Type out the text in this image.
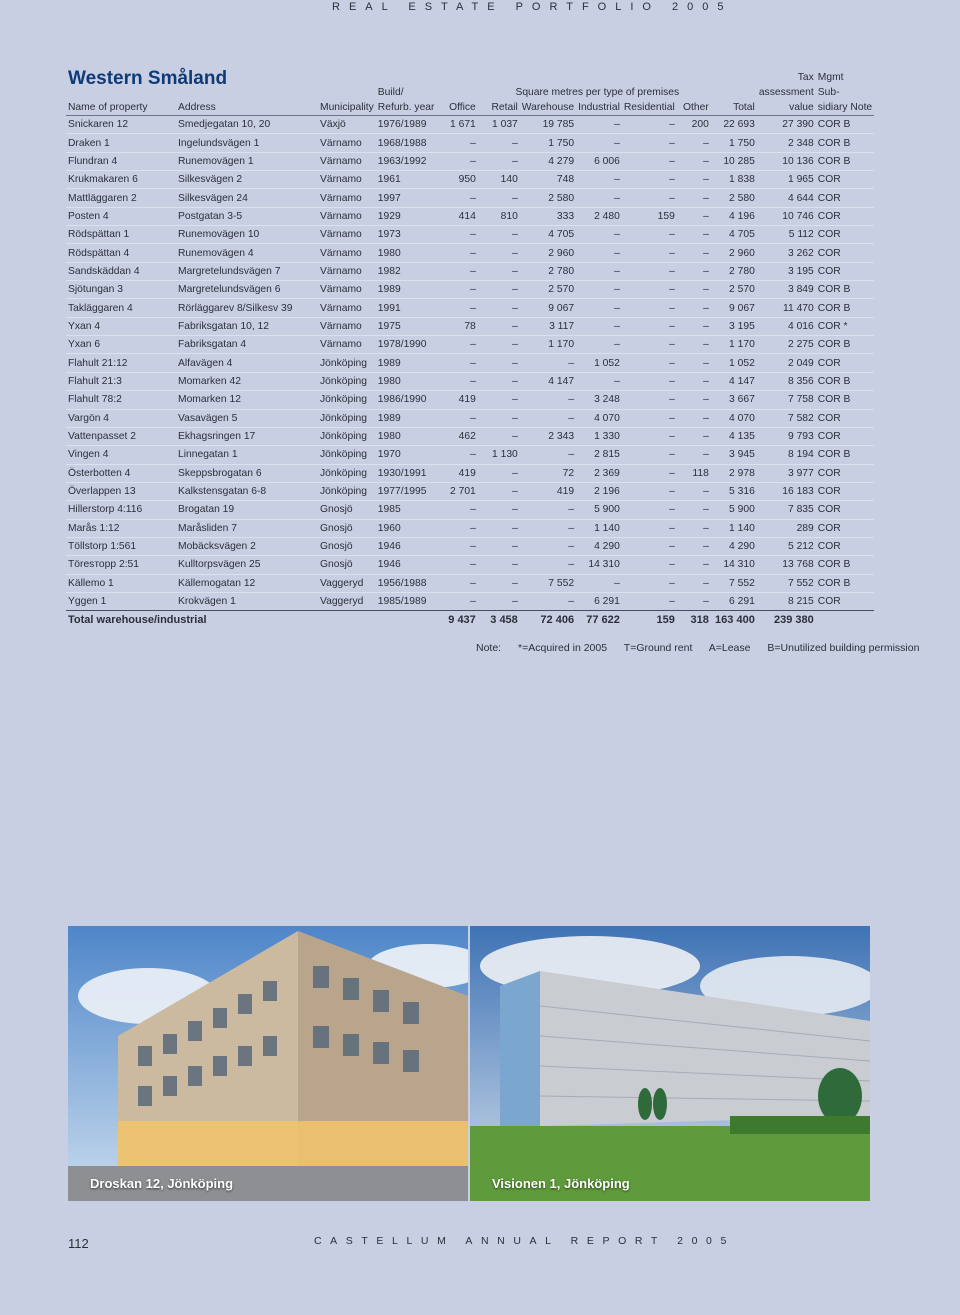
REAL ESTATE PORTFOLIO 2005
Western Småland
												Tax	Mgmt
			Build/	Square metres per type of premises							assessment	Sub-
Name of property	Address	Municipality	Refurb. year	Office	Retail	Warehouse	Industrial	Residential	Other	Total	value	sidiary Note
Snickaren 12	Smedjegatan 10, 20	Växjö	1976/1989	1 671	1 037	19 785	–	–	200	22 693	27 390	COR B
Draken 1	Ingelundsvägen 1	Värnamo	1968/1988	–	–	1 750	–	–	–	1 750	2 348	COR B
Flundran 4	Runemovägen 1	Värnamo	1963/1992	–	–	4 279	6 006	–	–	10 285	10 136	COR B
Krukmakaren 6	Silkesvägen 2	Värnamo	1961	950	140	748	–	–	–	1 838	1 965	COR
Mattläggaren 2	Silkesvägen 24	Värnamo	1997	–	–	2 580	–	–	–	2 580	4 644	COR
Posten 4	Postgatan 3-5	Värnamo	1929	414	810	333	2 480	159	–	4 196	10 746	COR
Rödspättan 1	Runemovägen 10	Värnamo	1973	–	–	4 705	–	–	–	4 705	5 112	COR
Rödspättan 4	Runemovägen 4	Värnamo	1980	–	–	2 960	–	–	–	2 960	3 262	COR
Sandskäddan 4	Margretelundsvägen 7	Värnamo	1982	–	–	2 780	–	–	–	2 780	3 195	COR
Sjötungan 3	Margretelundsvägen 6	Värnamo	1989	–	–	2 570	–	–	–	2 570	3 849	COR B
Takläggaren 4	Rörläggarev 8/Silkesv 39	Värnamo	1991	–	–	9 067	–	–	–	9 067	11 470	COR B
Yxan 4	Fabriksgatan 10, 12	Värnamo	1975	78	–	3 117	–	–	–	3 195	4 016	COR *
Yxan 6	Fabriksgatan 4	Värnamo	1978/1990	–	–	1 170	–	–	–	1 170	2 275	COR B
Flahult 21:12	Alfavägen 4	Jönköping	1989	–	–	–	1 052	–	–	1 052	2 049	COR
Flahult 21:3	Momarken 42	Jönköping	1980	–	–	4 147	–	–	–	4 147	8 356	COR B
Flahult 78:2	Momarken 12	Jönköping	1986/1990	419	–	–	3 248	–	–	3 667	7 758	COR B
Vargön 4	Vasavägen 5	Jönköping	1989	–	–	–	4 070	–	–	4 070	7 582	COR
Vattenpasset 2	Ekhagsringen 17	Jönköping	1980	462	–	2 343	1 330	–	–	4 135	9 793	COR
Vingen 4	Linnegatan 1	Jönköping	1970	–	1 130	–	2 815	–	–	3 945	8 194	COR B
Österbotten 4	Skeppsbrogatan 6	Jönköping	1930/1991	419	–	72	2 369	–	118	2 978	3 977	COR
Överlappen 13	Kalkstensgatan 6-8	Jönköping	1977/1995	2 701	–	419	2 196	–	–	5 316	16 183	COR
Hillerstorp 4:116	Brogatan 19	Gnosjö	1985	–	–	–	5 900	–	–	5 900	7 835	COR
Marås 1:12	Maråsliden 7	Gnosjö	1960	–	–	–	1 140	–	–	1 140	289	COR
Töllstorp 1:561	Mobäcksvägen 2	Gnosjö	1946	–	–	–	4 290	–	–	4 290	5 212	COR
Töresторp 2:51	Kulltorpsvägen 25	Gnosjö	1946	–	–	–	14 310	–	–	14 310	13 768	COR B
Källemo 1	Källemogatan 12	Vaggeryd	1956/1988	–	–	7 552	–	–	–	7 552	7 552	COR B
Yggen 1	Krokvägen 1	Vaggeryd	1985/1989	–	–	–	6 291	–	–	6 291	8 215	COR
Total warehouse/industrial				9 437	3 458	72 406	77 622	159	318	163 400	239 380	
Note: *=Acquired in 2005 T=Ground rent A=Lease B=Unutilized building permission
Droskan 12, Jönköping	Visionen 1, Jönköping
112	CASTELLUM ANNUAL REPORT 2005
